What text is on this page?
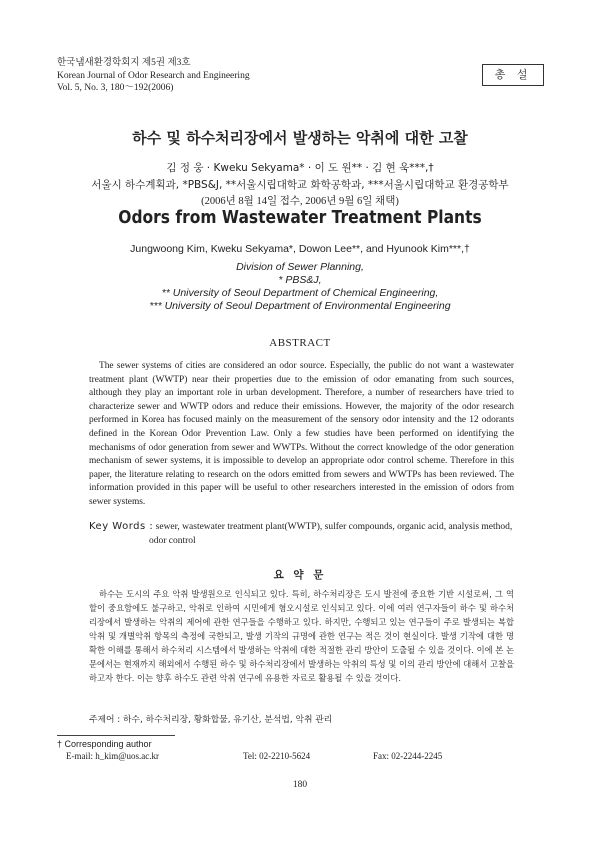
한국냄새환경학회지 제5권 제3호
Korean Journal of Odor Research and Engineering
Vol. 5, No. 3, 180～192(2006)
총 설
하수 및 하수처리장에서 발생하는 악취에 대한 고찰
김 정 웅 · Kweku Sekyama* · 이 도 원** · 김 현 욱***,†
서울시 하수계획과, *PBS&J, **서울시립대학교 화학공학과, ***서울시립대학교 환경공학부
(2006년 8월 14일 접수, 2006년 9월 6일 채택)
Odors from Wastewater Treatment Plants
Jungwoong Kim, Kweku Sekyama*, Dowon Lee**, and Hyunook Kim***,†
Division of Sewer Planning,
* PBS&J,
** University of Seoul Department of Chemical Engineering,
*** University of Seoul Department of Environmental Engineering
ABSTRACT
The sewer systems of cities are considered an odor source. Especially, the public do not want a wastewater treatment plant (WWTP) near their properties due to the emission of odor emanating from such sources, although they play an important role in urban development. Therefore, a number of researchers have tried to characterize sewer and WWTP odors and reduce their emissions. However, the majority of the odor research performed in Korea has focused mainly on the measurement of the sensory odor intensity and the 12 odorants defined in the Korean Odor Prevention Law. Only a few studies have been performed on identifying the mechanisms of odor generation from sewer and WWTPs. Without the correct knowledge of the odor generation mechanism of sewer systems, it is impossible to develop an appropriate odor control scheme. Therefore in this paper, the literature relating to research on the odors emitted from sewers and WWTPs has been reviewed. The information provided in this paper will be useful to other researchers interested in the emission of odors from sewer systems.
Key Words : sewer, wastewater treatment plant(WWTP), sulfer compounds, organic acid, analysis method,
odor control
요 약 문
하수는 도시의 주요 악취 발생원으로 인식되고 있다. 특히, 하수처리장은 도시 발전에 중요한 기반 시설로써, 그 역할이 중요함에도 불구하고, 악취로 인하여 시민에게 혐오시설로 인식되고 있다. 이에 여러 연구자들이 하수 및 하수처리장에서 발생하는 악취의 제어에 관한 연구들을 수행하고 있다. 하지만, 수행되고 있는 연구들이 주로 발생되는 복합 악취 및 개별악취 항목의 측정에 국한되고, 발생 기작의 규명에 관한 연구는 적은 것이 현실이다. 발생 기작에 대한 명확한 이해를 통해서 하수처리 시스템에서 발생하는 악취에 대한 적절한 관리 방안이 도출될 수 있을 것이다. 이에 본 논문에서는 현재까지 해외에서 수행된 하수 및 하수처리장에서 발생하는 악취의 특성 및 이의 관리 방안에 대해서 고찰을 하고자 한다. 이는 향후 하수도 관련 악취 연구에 유용한 자료로 활용될 수 있을 것이다.
주제어 : 하수, 하수처리장, 황화합물, 유기산, 분석법, 악취 관리
† Corresponding author
E-mail: h_kim@uos.ac.kr	Tel: 02-2210-5624	Fax: 02-2244-2245
180
